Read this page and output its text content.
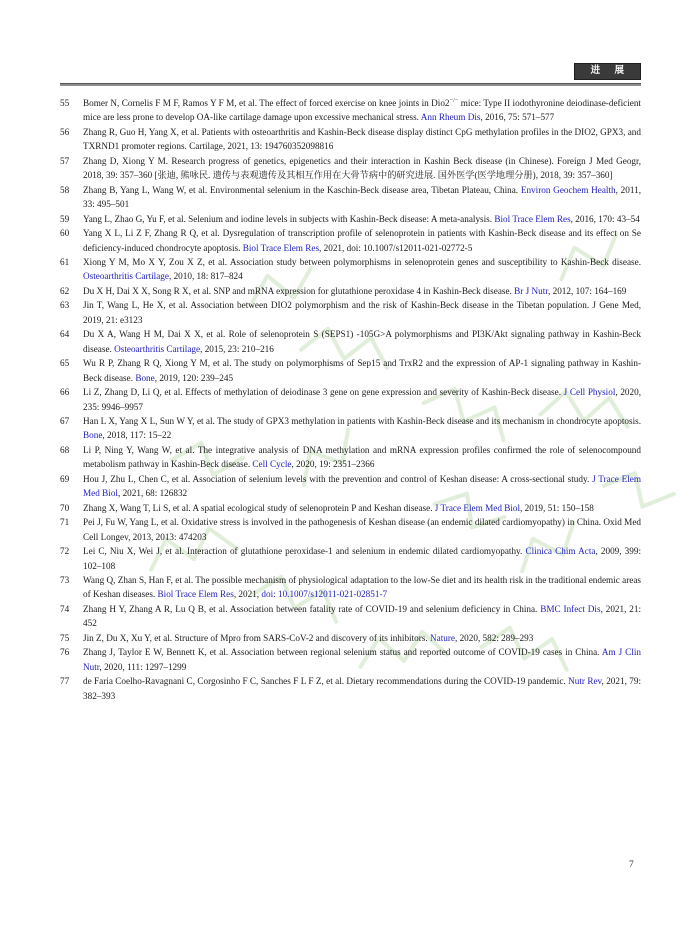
进 展
55	Bomer N, Cornelis F M F, Ramos Y F M, et al. The effect of forced exercise on knee joints in Dio2−/− mice: Type II iodothyronine deiodinase-deficient mice are less prone to develop OA-like cartilage damage upon excessive mechanical stress. Ann Rheum Dis, 2016, 75: 571–577
56	Zhang R, Guo H, Yang X, et al. Patients with osteoarthritis and Kashin-Beck disease display distinct CpG methylation profiles in the DIO2, GPX3, and TXRND1 promoter regions. Cartilage, 2021, 13: 194760352098816
57	Zhang D, Xiong Y M. Research progress of genetics, epigenetics and their interaction in Kashin Beck disease (in Chinese). Foreign J Med Geogr, 2018, 39: 357–360 [张迪, 熊咏民. 遗传与表观遗传及其相互作用在大骨节病中的研究进展. 国外医学(医学地理分册), 2018, 39: 357–360]
58	Zhang B, Yang L, Wang W, et al. Environmental selenium in the Kaschin-Beck disease area, Tibetan Plateau, China. Environ Geochem Health, 2011, 33: 495–501
59	Yang L, Zhao G, Yu F, et al. Selenium and iodine levels in subjects with Kashin-Beck disease: A meta-analysis. Biol Trace Elem Res, 2016, 170: 43–54
60	Yang X L, Li Z F, Zhang R Q, et al. Dysregulation of transcription profile of selenoprotein in patients with Kashin-Beck disease and its effect on Se deficiency-induced chondrocyte apoptosis. Biol Trace Elem Res, 2021, doi: 10.1007/s12011-021-02772-5
61	Xiong Y M, Mo X Y, Zou X Z, et al. Association study between polymorphisms in selenoprotein genes and susceptibility to Kashin-Beck disease. Osteoarthritis Cartilage, 2010, 18: 817–824
62	Du X H, Dai X X, Song R X, et al. SNP and mRNA expression for glutathione peroxidase 4 in Kashin-Beck disease. Br J Nutr, 2012, 107: 164–169
63	Jin T, Wang L, He X, et al. Association between DIO2 polymorphism and the risk of Kashin-Beck disease in the Tibetan population. J Gene Med, 2019, 21: e3123
64	Du X A, Wang H M, Dai X X, et al. Role of selenoprotein S (SEPS1) -105G>A polymorphisms and PI3K/Akt signaling pathway in Kashin-Beck disease. Osteoarthritis Cartilage, 2015, 23: 210–216
65	Wu R P, Zhang R Q, Xiong Y M, et al. The study on polymorphisms of Sep15 and TrxR2 and the expression of AP-1 signaling pathway in Kashin-Beck disease. Bone, 2019, 120: 239–245
66	Li Z, Zhang D, Li Q, et al. Effects of methylation of deiodinase 3 gene on gene expression and severity of Kashin-Beck disease. J Cell Physiol, 2020, 235: 9946–9957
67	Han L X, Yang X L, Sun W Y, et al. The study of GPX3 methylation in patients with Kashin-Beck disease and its mechanism in chondrocyte apoptosis. Bone, 2018, 117: 15–22
68	Li P, Ning Y, Wang W, et al. The integrative analysis of DNA methylation and mRNA expression profiles confirmed the role of selenocompound metabolism pathway in Kashin-Beck disease. Cell Cycle, 2020, 19: 2351–2366
69	Hou J, Zhu L, Chen C, et al. Association of selenium levels with the prevention and control of Keshan disease: A cross-sectional study. J Trace Elem Med Biol, 2021, 68: 126832
70	Zhang X, Wang T, Li S, et al. A spatial ecological study of selenoprotein P and Keshan disease. J Trace Elem Med Biol, 2019, 51: 150–158
71	Pei J, Fu W, Yang L, et al. Oxidative stress is involved in the pathogenesis of Keshan disease (an endemic dilated cardiomyopathy) in China. Oxid Med Cell Longev, 2013, 2013: 474203
72	Lei C, Niu X, Wei J, et al. Interaction of glutathione peroxidase-1 and selenium in endemic dilated cardiomyopathy. Clinica Chim Acta, 2009, 399: 102–108
73	Wang Q, Zhan S, Han F, et al. The possible mechanism of physiological adaptation to the low-Se diet and its health risk in the traditional endemic areas of Keshan diseases. Biol Trace Elem Res, 2021, doi: 10.1007/s12011-021-02851-7
74	Zhang H Y, Zhang A R, Lu Q B, et al. Association between fatality rate of COVID-19 and selenium deficiency in China. BMC Infect Dis, 2021, 21: 452
75	Jin Z, Du X, Xu Y, et al. Structure of Mpro from SARS-CoV-2 and discovery of its inhibitors. Nature, 2020, 582: 289–293
76	Zhang J, Taylor E W, Bennett K, et al. Association between regional selenium status and reported outcome of COVID-19 cases in China. Am J Clin Nutr, 2020, 111: 1297–1299
77	de Faria Coelho-Ravagnani C, Corgosinho F C, Sanches F L F Z, et al. Dietary recommendations during the COVID-19 pandemic. Nutr Rev, 2021, 79: 382–393
7
